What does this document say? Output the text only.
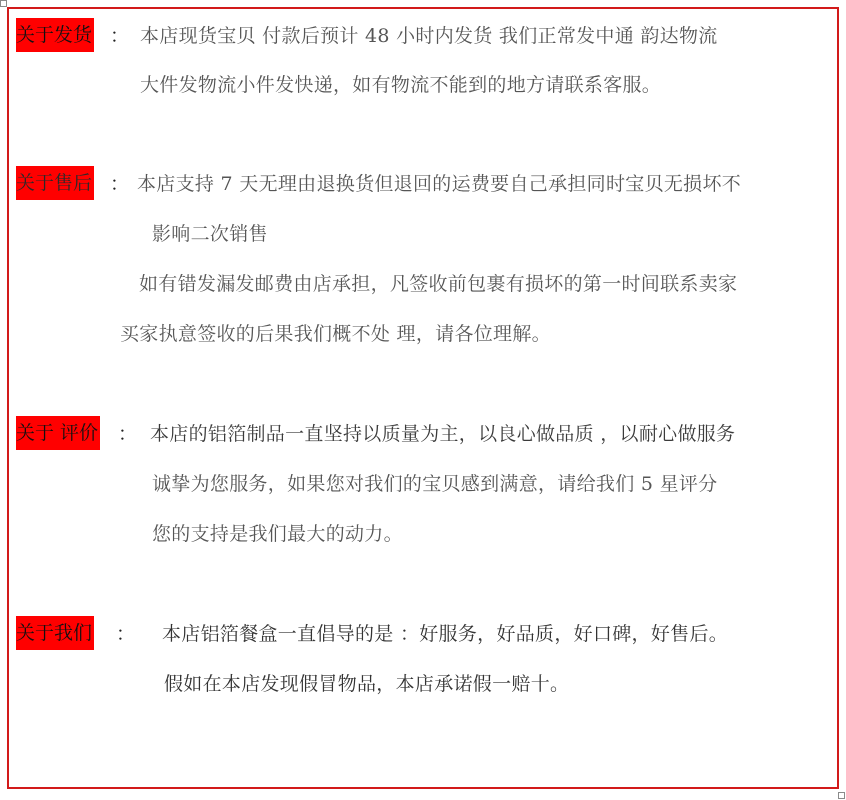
关于发货 ： 本店现货宝贝 付款后预计 48 小时内发货 我们正常发中通 韵达物流
大件发物流小件发快递，如有物流不能到的地方请联系客服。
关于售后 ： 本店支持 7 天无理由退换货但退回的运费要自己承担同时宝贝无损坏不
影响二次销售
如有错发漏发邮费由店承担，凡签收前包裹有损坏的第一时间联系卖家
买家执意签收的后果我们概不处 理，请各位理解。
关于 评价 ： 本店的铝箔制品一直坚持以质量为主，以良心做品质 ，以耐心做服务
诚挚为您服务，如果您对我们的宝贝感到满意，请给我们 5 星评分
您的支持是我们最大的动力。
关于我们 ： 本店铝箔餐盒一直倡导的是 ：好服务，好品质，好口碑，好售后。
假如在本店发现假冒物品，本店承诺假一赔十。
